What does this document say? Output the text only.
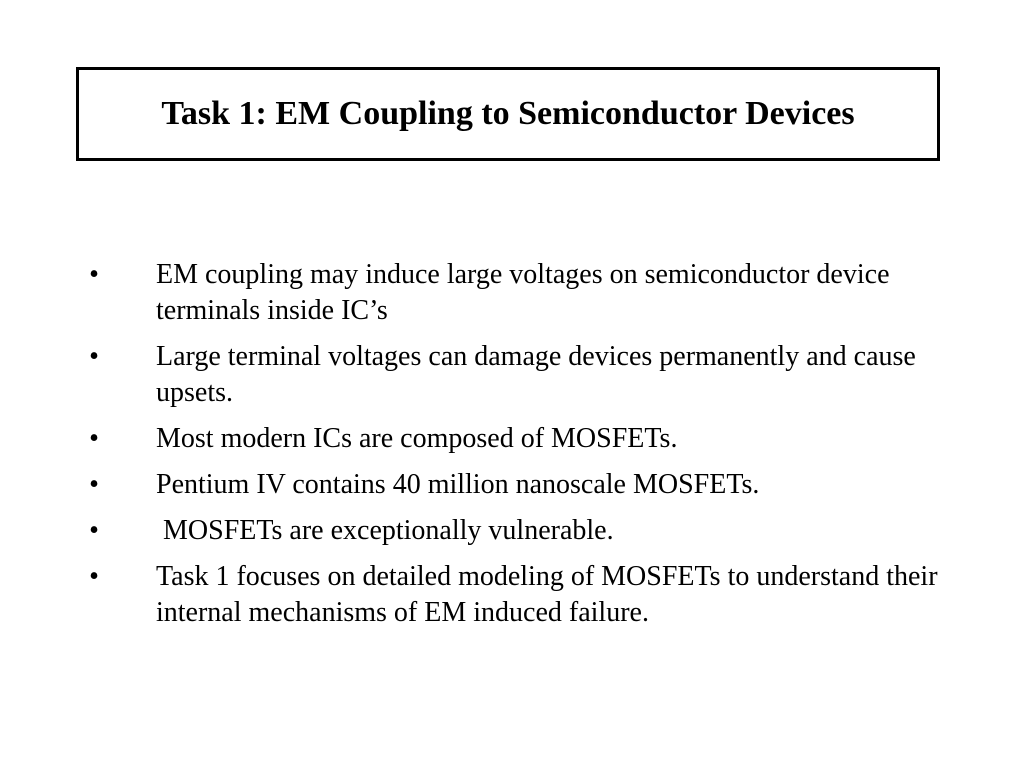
Task 1: EM Coupling to Semiconductor Devices
• EM coupling may induce large voltages on semiconductor device terminals inside IC’s
• Large terminal voltages can damage devices permanently and cause upsets.
• Most modern ICs are composed of MOSFETs.
• Pentium IV contains 40 million nanoscale MOSFETs.
• MOSFETs are exceptionally vulnerable.
• Task 1 focuses on detailed modeling of MOSFETs to understand their internal mechanisms of EM induced failure.
